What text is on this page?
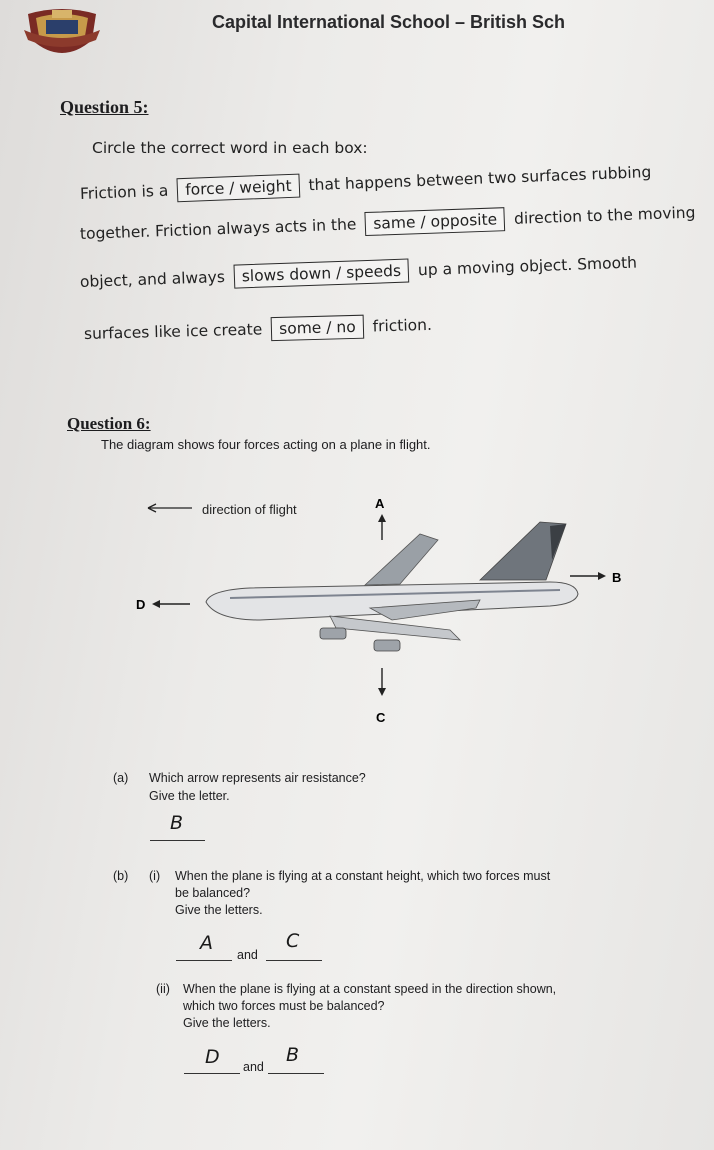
Capital International School – British Sch
Question 5:
Circle the correct word in each box:
Friction is a force / weight that happens between two surfaces rubbing
together. Friction always acts in the same / opposite direction to the moving
object, and always slows down / speeds up a moving object. Smooth
surfaces like ice create some / no friction.
Question 6:
The diagram shows four forces acting on a plane in flight.
direction of flight	A
B
D
C
(a) Which arrow represents air resistance?
Give the letter.
B
(b) (i) When the plane is flying at a constant height, which two forces must
be balanced?
Give the letters.
A
and
C
(ii) When the plane is flying at a constant speed in the direction shown,
which two forces must be balanced?
Give the letters.
D and
B
